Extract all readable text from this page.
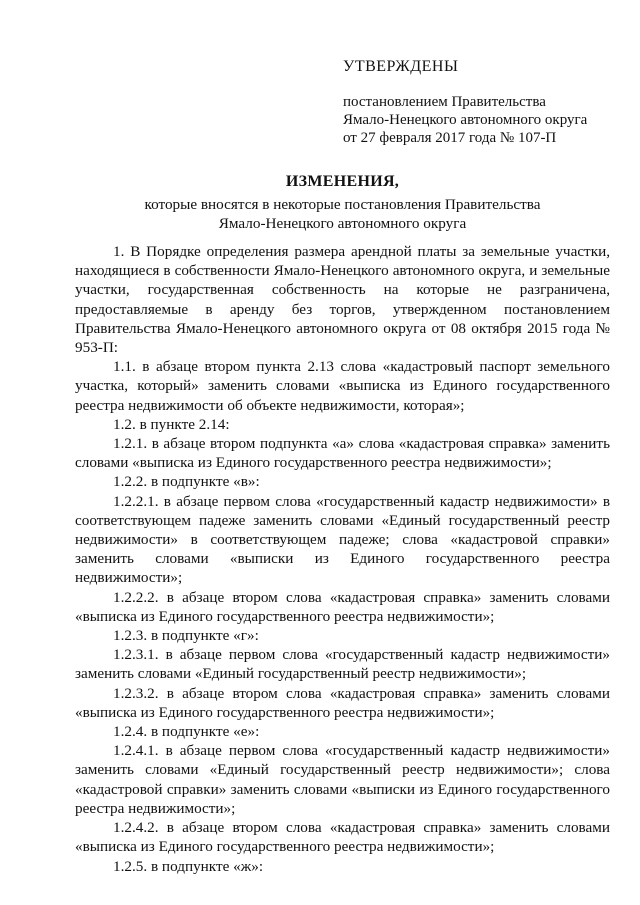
УТВЕРЖДЕНЫ
постановлением Правительства
Ямало-Ненецкого автономного округа
от 27 февраля 2017 года № 107-П
ИЗМЕНЕНИЯ,
которые вносятся в некоторые постановления Правительства
Ямало-Ненецкого автономного округа

1. В Порядке определения размера арендной платы за земельные участки, находящиеся в собственности Ямало-Ненецкого автономного округа, и земельные участки, государственная собственность на которые не разграничена, предоставляемые в аренду без торгов, утвержденном постановлением Правительства Ямало-Ненецкого автономного округа от 08 октября 2015 года № 953-П:

1.1. в абзаце втором пункта 2.13 слова «кадастровый паспорт земельного участка, который» заменить словами «выписка из Единого государственного реестра недвижимости об объекте недвижимости, которая»;

1.2. в пункте 2.14:

1.2.1. в абзаце втором подпункта «а» слова «кадастровая справка» заменить словами «выписка из Единого государственного реестра недвижимости»;

1.2.2. в подпункте «в»:

1.2.2.1. в абзаце первом слова «государственный кадастр недвижимости» в соответствующем падеже заменить словами «Единый государственный реестр недвижимости» в соответствующем падеже; слова «кадастровой справки» заменить словами «выписки из Единого государственного реестра недвижимости»;

1.2.2.2. в абзаце втором слова «кадастровая справка» заменить словами «выписка из Единого государственного реестра недвижимости»;

1.2.3. в подпункте «г»:

1.2.3.1. в абзаце первом слова «государственный кадастр недвижимости» заменить словами «Единый государственный реестр недвижимости»;

1.2.3.2. в абзаце втором слова «кадастровая справка» заменить словами «выписка из Единого государственного реестра недвижимости»;

1.2.4. в подпункте «е»:

1.2.4.1. в абзаце первом слова «государственный кадастр недвижимости» заменить словами «Единый государственный реестр недвижимости»; слова «кадастровой справки» заменить словами «выписки из Единого государственного реестра недвижимости»;

1.2.4.2. в абзаце втором слова «кадастровая справка» заменить словами «выписка из Единого государственного реестра недвижимости»;

1.2.5. в подпункте «ж»:
